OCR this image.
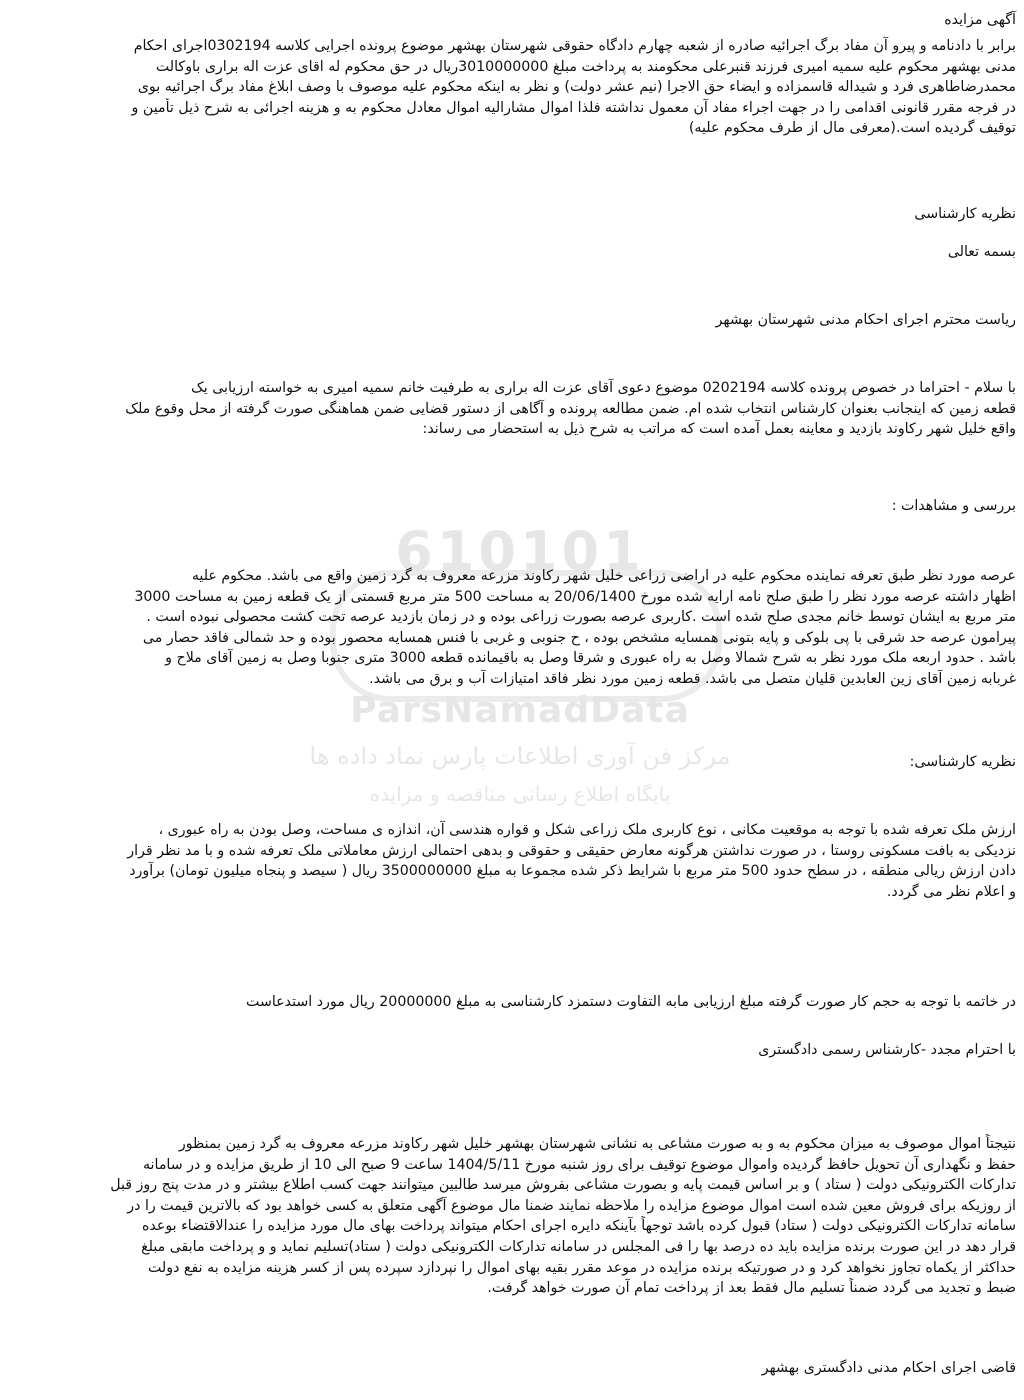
610101
ParsNamadData
مرکز فن آوری اطلاعات پارس نماد داده ها
پایگاه اطلاع رسانی مناقصه و مزایده
آگهی مزایده
برابر با دادنامه و پیرو آن مفاد برگ اجرائیه صادره از شعبه چهارم دادگاه حقوقی شهرستان بهشهر موضوع پرونده اجرایی کلاسه 0302194اجرای احکام
مدنی بهشهر محکوم علیه سمیه امیری فرزند قنبرعلی محکومند به پرداخت مبلغ 3010000000ریال در حق محکوم له اقای عزت اله براری باوکالت
محمدرضاطاهری فرد و شیداله قاسمزاده و ایضاء حق الاجرا (نیم عشر دولت) و نظر به اینکه محکوم علیه موصوف با وصف ابلاغ مفاد برگ اجرائیه بوی
در فرجه مقرر قانونی اقدامی را در جهت اجراء مفاد آن معمول نداشته فلذا اموال مشارالیه اموال معادل محکوم به و هزینه اجرائی به شرح ذیل تأمین و
توقیف گردیده است.(معرفی مال از طرف محکوم علیه)
نظریه کارشناسی
بسمه تعالی
ریاست محترم اجرای احکام مدنی شهرستان بهشهر
با سلام - احتراما در خصوص پرونده کلاسه 0202194 موضوع دعوی آقای عزت اله براری به طرفیت خانم سمیه امیری به خواسته ارزیابی یک
قطعه زمین که اینجانب بعنوان کارشناس انتخاب شده ام. ضمن مطالعه پرونده و آگاهی از دستور قضایی ضمن هماهنگی صورت گرفته از محل وقوع ملک
واقع خلیل شهر رکاوند بازدید و معاینه بعمل آمده است که مراتب به شرح ذیل به استحضار می رساند:
بررسی و مشاهدات :
عرصه مورد نظر طبق تعرفه نماینده محکوم علیه در اراضی زراعی خلیل شهر رکاوند مزرعه معروف به گرد زمین واقع می باشد. محکوم علیه
اظهار داشته عرصه مورد نظر را طبق صلح نامه ارایه شده مورخ 20/06/1400 به مساحت 500 متر مربع قسمتی از یک قطعه زمین به مساحت 3000
متر مربع به ایشان توسط خانم مجدی صلح شده است .کاربری عرصه بصورت زراعی بوده و در زمان بازدید عرصه تحت کشت محصولی نبوده است .
پیرامون عرصه حد شرقی با پی بلوکی و پایه بتونی همسایه مشخص بوده ، ح جنوبی و غربی با فنس همسایه محصور بوده و حد شمالی فاقد حصار می
باشد . حدود اربعه ملک مورد نظر به شرح شمالا وصل به راه عبوری و شرقا وصل به باقیمانده قطعه 3000 متری جنوبا وصل به زمین آقای ملاح و
غربابه زمین آقای زین العابدین قلیان متصل می باشد. قطعه زمین مورد نظر فاقد امتیازات آب و برق می باشد.
نظریه کارشناسی:
ارزش ملک تعرفه شده با توجه به موقعیت مکانی ، نوع کاربری ملک زراعی شکل و قواره هندسی آن، اندازه ی مساحت، وصل بودن به راه عبوری ،
نزدیکی به بافت مسکونی روستا ، در صورت نداشتن هرگونه معارض حقیقی و حقوقی و بدهی احتمالی ارزش معاملاتی ملک تعرفه شده و با مد نظر قرار
دادن ارزش ریالی منطقه ، در سطح حدود 500 متر مربع با شرایط ذکر شده مجموعا به مبلغ 3500000000 ریال ( سیصد و پنجاه میلیون تومان) برآورد
و اعلام نظر می گردد.
در خاتمه با توجه به حجم کار صورت گرفته مبلغ ارزیابی مابه التفاوت دستمزد کارشناسی به مبلغ 20000000 ریال مورد استدعاست
با احترام مجدد -کارشناس رسمی دادگستری
نتیجتاً اموال موصوف به میزان محکوم به و به صورت مشاعی به نشانی شهرستان بهشهر خلیل شهر رکاوند مزرعه معروف به گرد زمین بمنظور
حفظ و نگهداری آن تحویل حافظ گردیده واموال موضوع توقیف برای روز شنبه مورخ 1404/5/11 ساعت 9 صبح الی 10 از طریق مزایده و در سامانه
تدارکات الکترونیکی دولت ( ستاد ) و بر اساس قیمت پایه و بصورت مشاعی بفروش میرسد طالبین میتوانند جهت کسب اطلاع بیشتر و در مدت پنج روز قبل
از روزیکه برای فروش معین شده است اموال موضوع مزایده را ملاحظه نمایند ضمنا مال موضوع آگهی متعلق به کسی خواهد بود که بالاترین قیمت را در
سامانه تدارکات الکترونیکی دولت ( ستاد) قبول کرده باشد توجهاً بآینکه دایره اجرای احکام میتواند پرداخت بهای مال مورد مزایده را عندالاقتضاء بوعده
قرار دهد در این صورت برنده مزایده باید ده درصد بها را فی المجلس در سامانه تدارکات الکترونیکی دولت ( ستاد)تسلیم نماید و و پرداخت مابقی مبلغ
حداکثر از یکماه تجاوز نخواهد کرد و در صورتیکه برنده مزایده در موعد مقرر بقیه بهای اموال را نپردازد سپرده پس از کسر هزینه مزایده به نفع دولت
ضبط و تجدید می گردد ضمناً تسلیم مال فقط بعد از پرداخت تمام آن صورت خواهد گرفت.
قاضی اجرای احکام مدنی دادگستری بهشهر
